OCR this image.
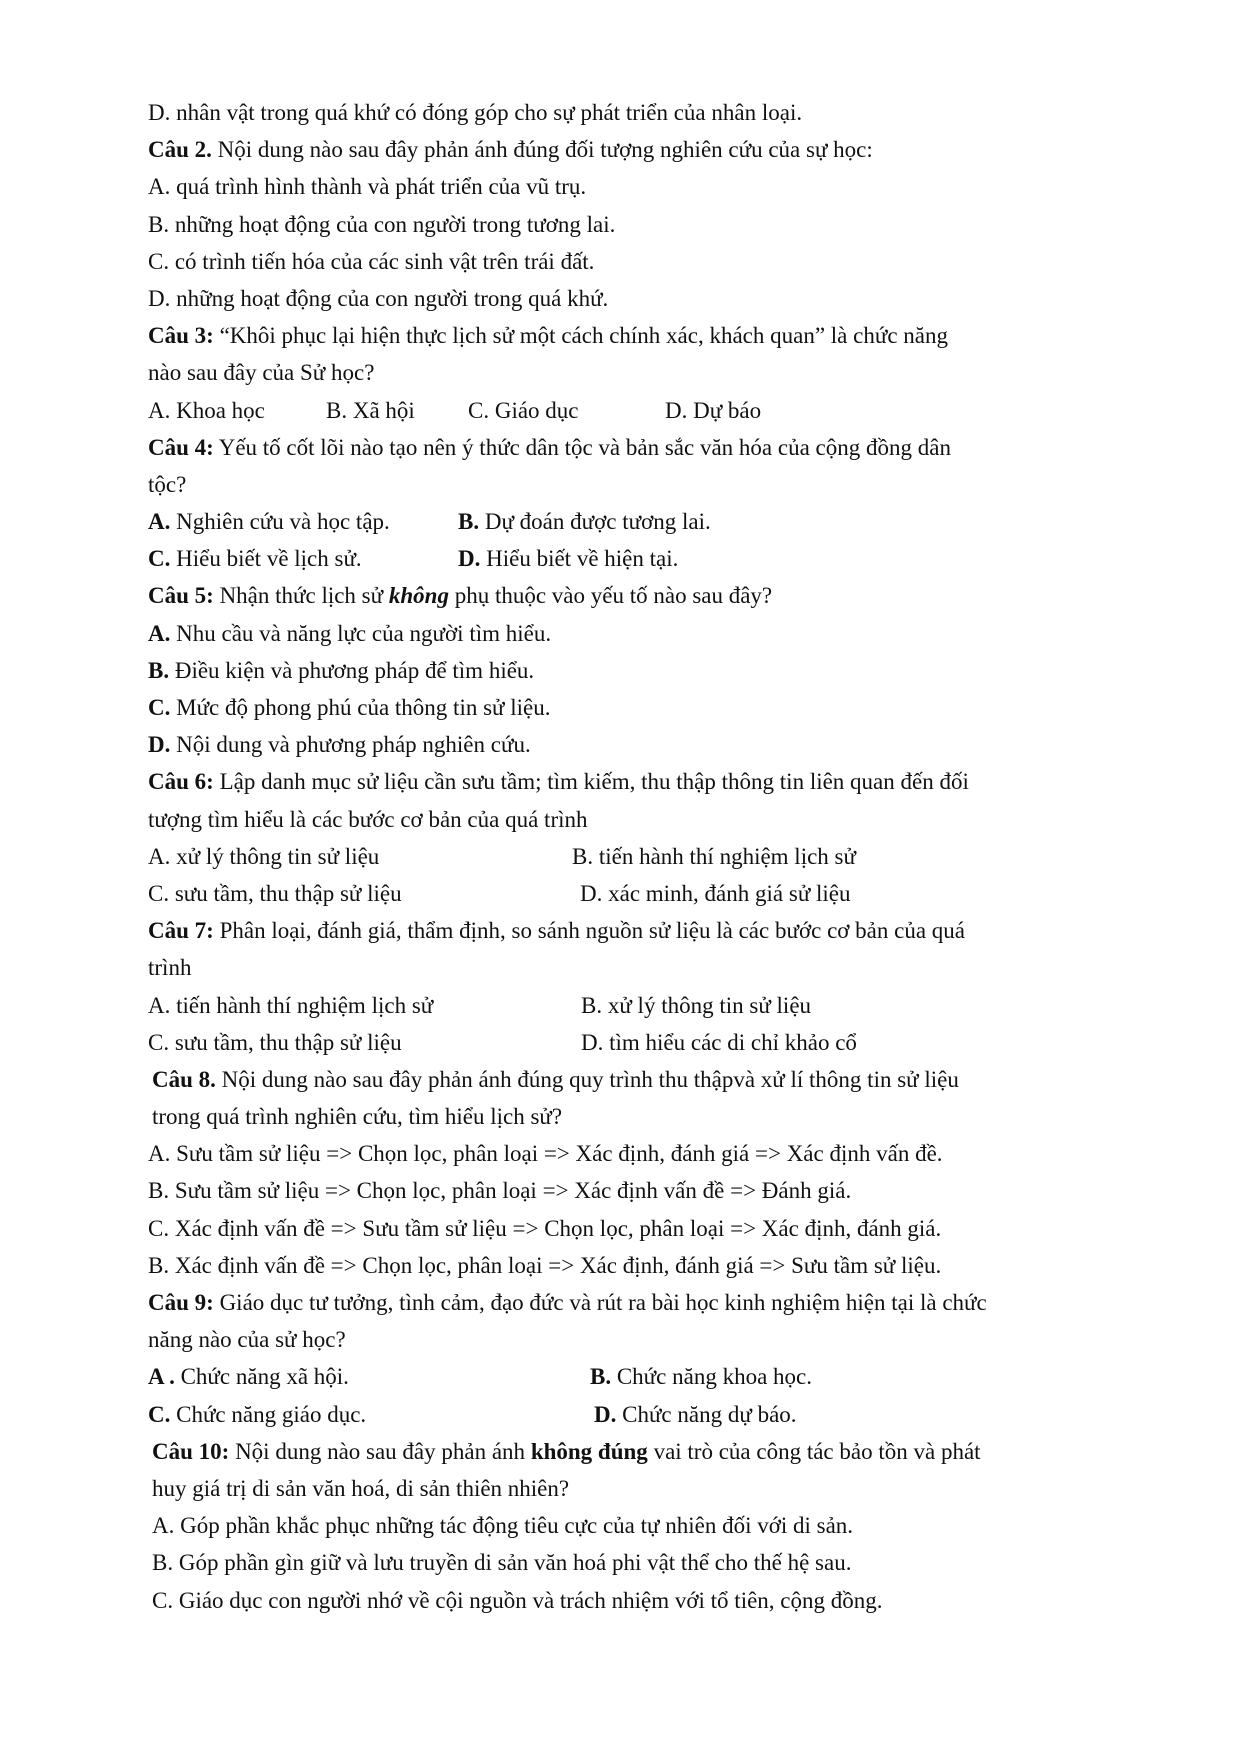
D. nhân vật trong quá khứ có đóng góp cho sự phát triển của nhân loại.
Câu 2. Nội dung nào sau đây phản ánh đúng đối tượng nghiên cứu của sự học:
A. quá trình hình thành và phát triển của vũ trụ.
B. những hoạt động của con người trong tương lai.
C. có trình tiến hóa của các sinh vật trên trái đất.
D. những hoạt động của con người trong quá khứ.
Câu 3: “Khôi phục lại hiện thực lịch sử một cách chính xác, khách quan” là chức năng
nào sau đây của Sử học?
A. Khoa học	B. Xã hội	C. Giáo dục	D. Dự báo
Câu 4: Yếu tố cốt lõi nào tạo nên ý thức dân tộc và bản sắc văn hóa của cộng đồng dân
tộc?
A. Nghiên cứu và học tập.	B. Dự đoán được tương lai.
C. Hiểu biết về lịch sử.	D. Hiểu biết về hiện tại.
Câu 5: Nhận thức lịch sử không phụ thuộc vào yếu tố nào sau đây?
A. Nhu cầu và năng lực của người tìm hiểu.
B. Điều kiện và phương pháp để tìm hiểu.
C. Mức độ phong phú của thông tin sử liệu.
D. Nội dung và phương pháp nghiên cứu.
Câu 6: Lập danh mục sử liệu cần sưu tầm; tìm kiếm, thu thập thông tin liên quan đến đối
tượng tìm hiểu là các bước cơ bản của quá trình
A. xử lý thông tin sử liệu	B. tiến hành thí nghiệm lịch sử
C. sưu tầm, thu thập sử liệu	D. xác minh, đánh giá sử liệu
Câu 7: Phân loại, đánh giá, thẩm định, so sánh nguồn sử liệu là các bước cơ bản của quá
trình
A. tiến hành thí nghiệm lịch sử	B. xử lý thông tin sử liệu
C. sưu tầm, thu thập sử liệu	D. tìm hiểu các di chỉ khảo cổ
Câu 8. Nội dung nào sau đây phản ánh đúng quy trình thu thậpvà xử lí thông tin sử liệu
trong quá trình nghiên cứu, tìm hiểu lịch sử?
A. Sưu tầm sử liệu => Chọn lọc, phân loại => Xác định, đánh giá => Xác định vấn đề.
B. Sưu tầm sử liệu => Chọn lọc, phân loại => Xác định vấn đề => Đánh giá.
C. Xác định vấn đề => Sưu tầm sử liệu => Chọn lọc, phân loại => Xác định, đánh giá.
B. Xác định vấn đề => Chọn lọc, phân loại => Xác định, đánh giá => Sưu tầm sử liệu.
Câu 9: Giáo dục tư tưởng, tình cảm, đạo đức và rút ra bài học kinh nghiệm hiện tại là chức
năng nào của sử học?
A . Chức năng xã hội.	B. Chức năng khoa học.
C. Chức năng giáo dục.	D. Chức năng dự báo.
Câu 10: Nội dung nào sau đây phản ánh không đúng vai trò của công tác bảo tồn và phát
huy giá trị di sản văn hoá, di sản thiên nhiên?
A. Góp phần khắc phục những tác động tiêu cực của tự nhiên đối với di sản.
B. Góp phần gìn giữ và lưu truyền di sản văn hoá phi vật thể cho thế hệ sau.
C. Giáo dục con người nhớ về cội nguồn và trách nhiệm với tổ tiên, cộng đồng.
